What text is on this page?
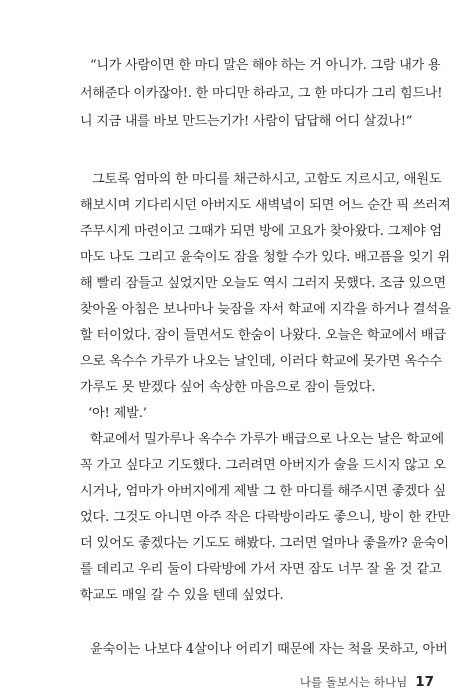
“니가 사람이면 한 마디 말은 해야 하는 거 아니가. 그람 내가 용
서해준다 이카잖아!. 한 마디만 하라고, 그 한 마디가 그리 힘드나!
니 지금 내를 바보 만드는기가! 사람이 답답해 어디 살겄나!”
그토록 엄마의 한 마디를 채근하시고, 고함도 지르시고, 애원도
해보시며 기다리시던 아버지도 새벽녘이 되면 어느 순간 픽 쓰러져
주무시게 마련이고 그때가 되면 방에 고요가 찾아왔다. 그제야 엄
마도 나도 그리고 윤숙이도 잠을 청할 수가 있다. 배고픔을 잊기 위
해 빨리 잠들고 싶었지만 오늘도 역시 그러지 못했다. 조금 있으면
찾아올 아침은 보나마나 늦잠을 자서 학교에 지각을 하거나 결석을
할 터이었다. 잠이 들면서도 한숨이 나왔다. 오늘은 학교에서 배급
으로 옥수수 가루가 나오는 날인데, 이러다 학교에 못가면 옥수수
가루도 못 받겠다 싶어 속상한 마음으로 잠이 들었다.
‘아! 제발.’
학교에서 밀가루나 옥수수 가루가 배급으로 나오는 날은 학교에
꼭 가고 싶다고 기도했다. 그러려면 아버지가 술을 드시지 않고 오
시거나, 엄마가 아버지에게 제발 그 한 마디를 해주시면 좋겠다 싶
었다. 그것도 아니면 아주 작은 다락방이라도 좋으니, 방이 한 칸만
더 있어도 좋겠다는 기도도 해봤다. 그러면 얼마나 좋을까? 윤숙이
를 데리고 우리 둘이 다락방에 가서 자면 잠도 너무 잘 올 것 같고
학교도 매일 갈 수 있을 텐데 싶었다.
나를 돌보시는 하나님 17
윤숙이는 나보다 4살이나 어리기 때문에 자는 척을 못하고, 아버
